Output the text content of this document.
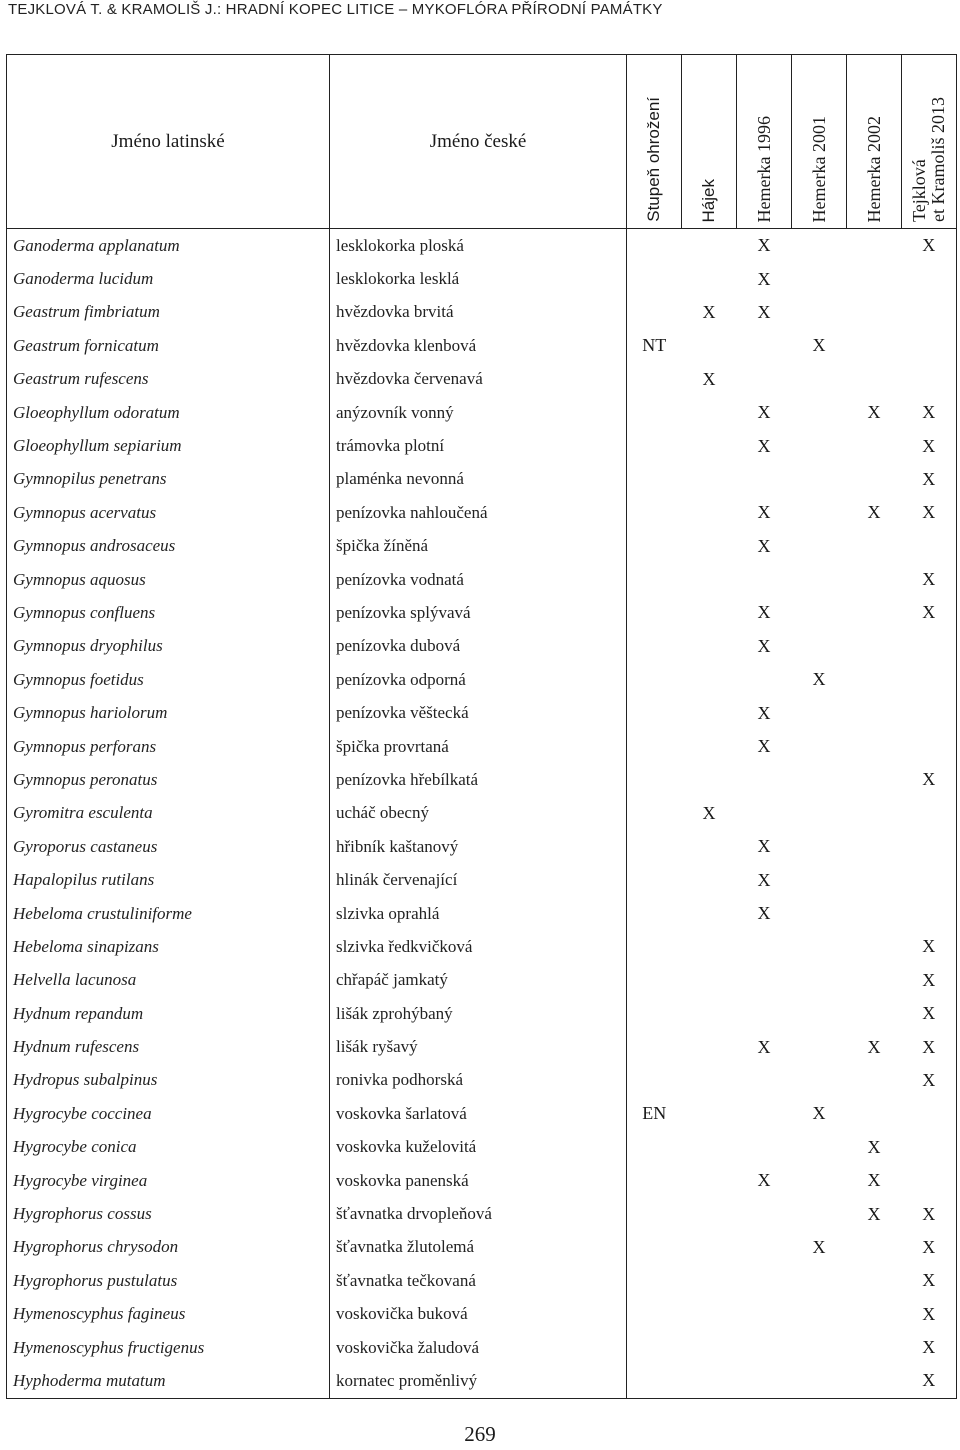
TEJKLOVÁ T. & KRAMOLIŠ J.: HRADNÍ KOPEC LITICE – MYKOFLÓRA PŘÍRODNÍ PAMÁTKY
Jméno latinské	Jméno české	Stupeň ohrožení	Hájek	Hemerka 1996	Hemerka 2001	Hemerka 2002	Tejklová
et Kramoliš 2013

Ganoderma applanatum	lesklokorka ploská			X			X
Ganoderma lucidum	lesklokorka lesklá			X			
Geastrum fimbriatum	hvězdovka brvitá		X	X			
Geastrum fornicatum	hvězdovka klenbová	NT			X		
Geastrum rufescens	hvězdovka červenavá		X				
Gloeophyllum odoratum	anýzovník vonný			X		X	X
Gloeophyllum sepiarium	trámovka plotní			X			X
Gymnopilus penetrans	plaménka nevonná						X
Gymnopus acervatus	penízovka nahloučená			X		X	X
Gymnopus androsaceus	špička žíněná			X			
Gymnopus aquosus	penízovka vodnatá						X
Gymnopus confluens	penízovka splývavá			X			X
Gymnopus dryophilus	penízovka dubová			X			
Gymnopus foetidus	penízovka odporná				X		
Gymnopus hariolorum	penízovka věštecká			X			
Gymnopus perforans	špička provrtaná			X			
Gymnopus peronatus	penízovka hřebílkatá						X
Gyromitra esculenta	ucháč obecný		X				
Gyroporus castaneus	hřibník kaštanový			X			
Hapalopilus rutilans	hlinák červenající			X			
Hebeloma crustuliniforme	slzivka oprahlá			X			
Hebeloma sinapizans	slzivka ředkvičková						X
Helvella lacunosa	chřapáč jamkatý						X
Hydnum repandum	lišák zprohýbaný						X
Hydnum rufescens	lišák ryšavý			X		X	X
Hydropus subalpinus	ronivka podhorská						X
Hygrocybe coccinea	voskovka šarlatová	EN			X		
Hygrocybe conica	voskovka kuželovitá					X	
Hygrocybe virginea	voskovka panenská			X		X	
Hygrophorus cossus	šťavnatka drvopleňová					X	X
Hygrophorus chrysodon	šťavnatka žlutolemá				X		X
Hygrophorus pustulatus	šťavnatka tečkovaná						X
Hymenoscyphus fagineus	voskovička buková						X
Hymenoscyphus fructigenus	voskovička žaludová						X
Hyphoderma mutatum	kornatec proměnlivý						X
269
